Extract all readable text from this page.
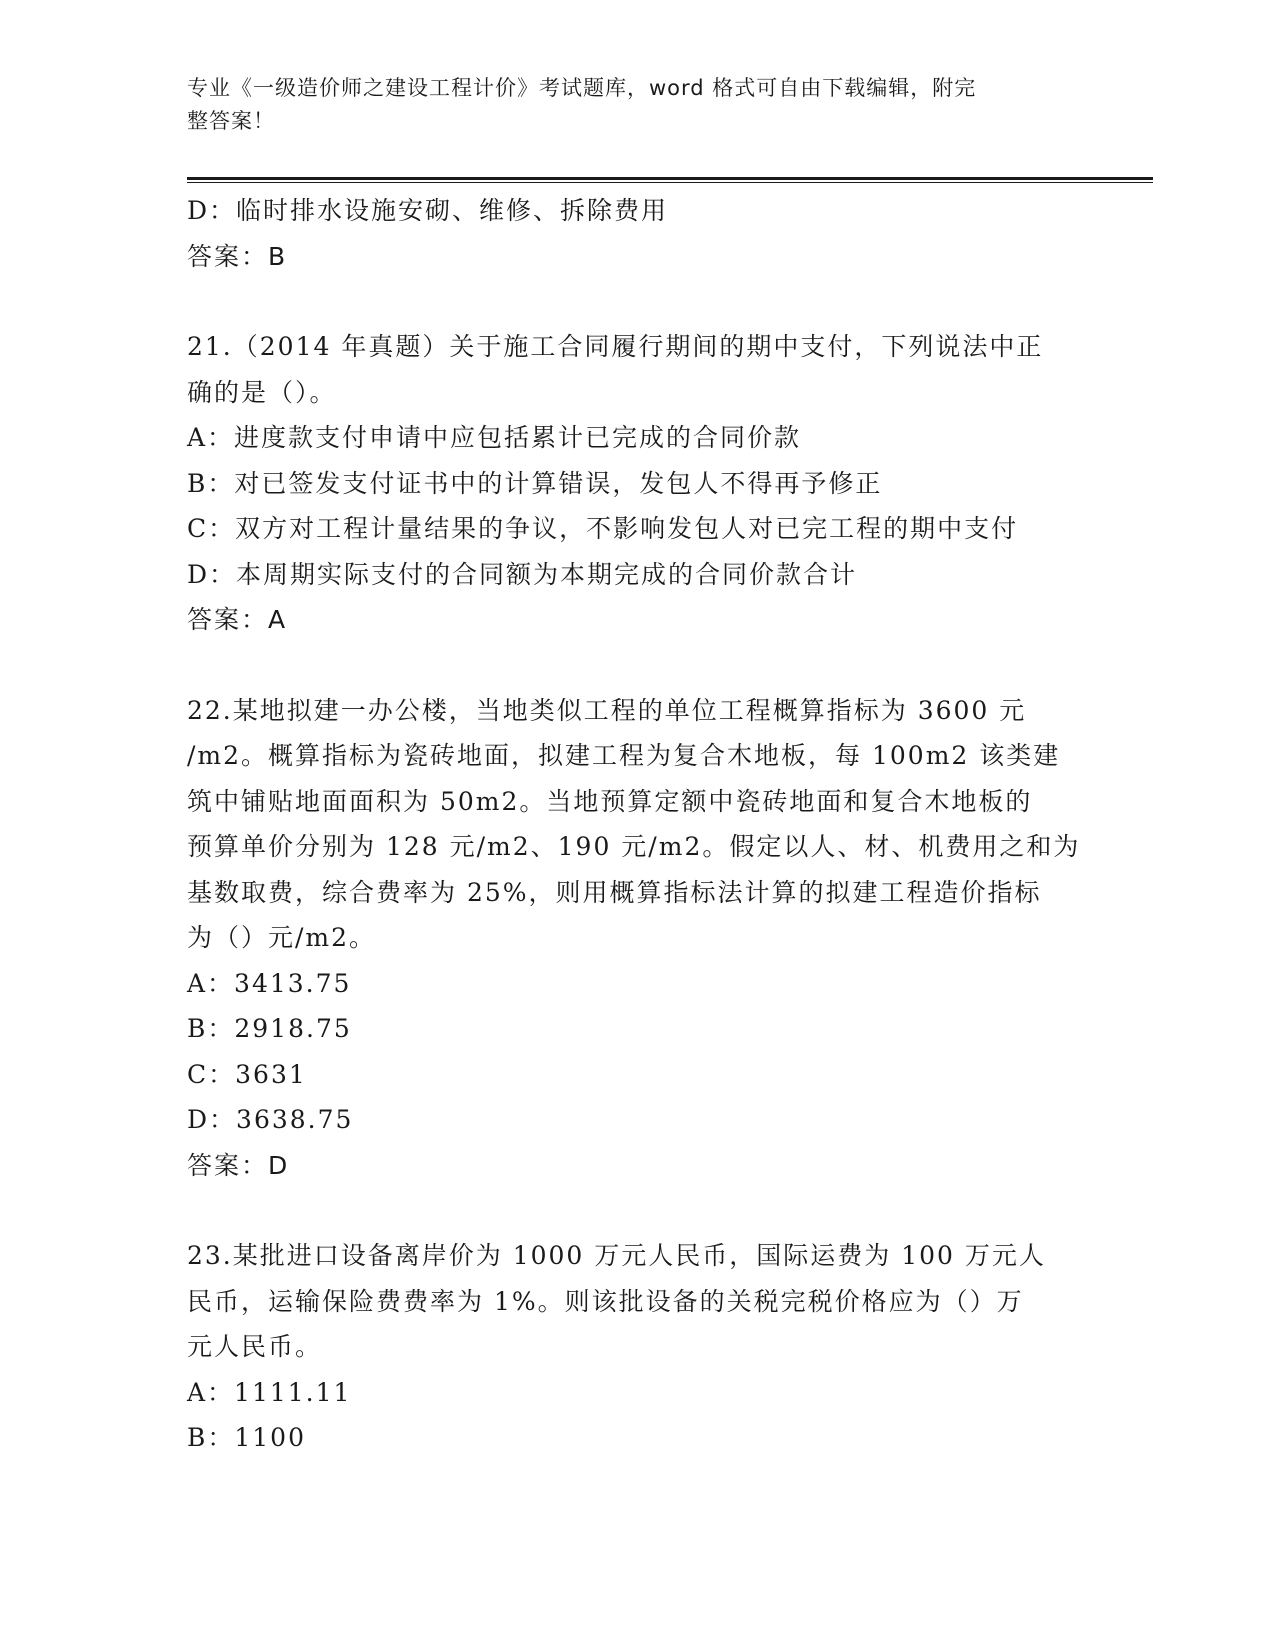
专业《一级造价师之建设工程计价》考试题库，word 格式可自由下载编辑，附完
整答案！
D：临时排水设施安砌、维修、拆除费用
答案：B
21.（2014 年真题）关于施工合同履行期间的期中支付，下列说法中正
确的是（）。
A：进度款支付申请中应包括累计已完成的合同价款
B：对已签发支付证书中的计算错误，发包人不得再予修正
C：双方对工程计量结果的争议，不影响发包人对已完工程的期中支付
D：本周期实际支付的合同额为本期完成的合同价款合计
答案：A
22.某地拟建一办公楼，当地类似工程的单位工程概算指标为 3600 元
/m2。概算指标为瓷砖地面，拟建工程为复合木地板，每 100m2 该类建
筑中铺贴地面面积为 50m2。当地预算定额中瓷砖地面和复合木地板的
预算单价分别为 128 元/m2、190 元/m2。假定以人、材、机费用之和为
基数取费，综合费率为 25%，则用概算指标法计算的拟建工程造价指标
为（）元/m2。
A：3413.75
B：2918.75
C：3631
D：3638.75
答案：D
23.某批进口设备离岸价为 1000 万元人民币，国际运费为 100 万元人
民币，运输保险费费率为 1%。则该批设备的关税完税价格应为（）万
元人民币。
A：1111.11
B：1100
